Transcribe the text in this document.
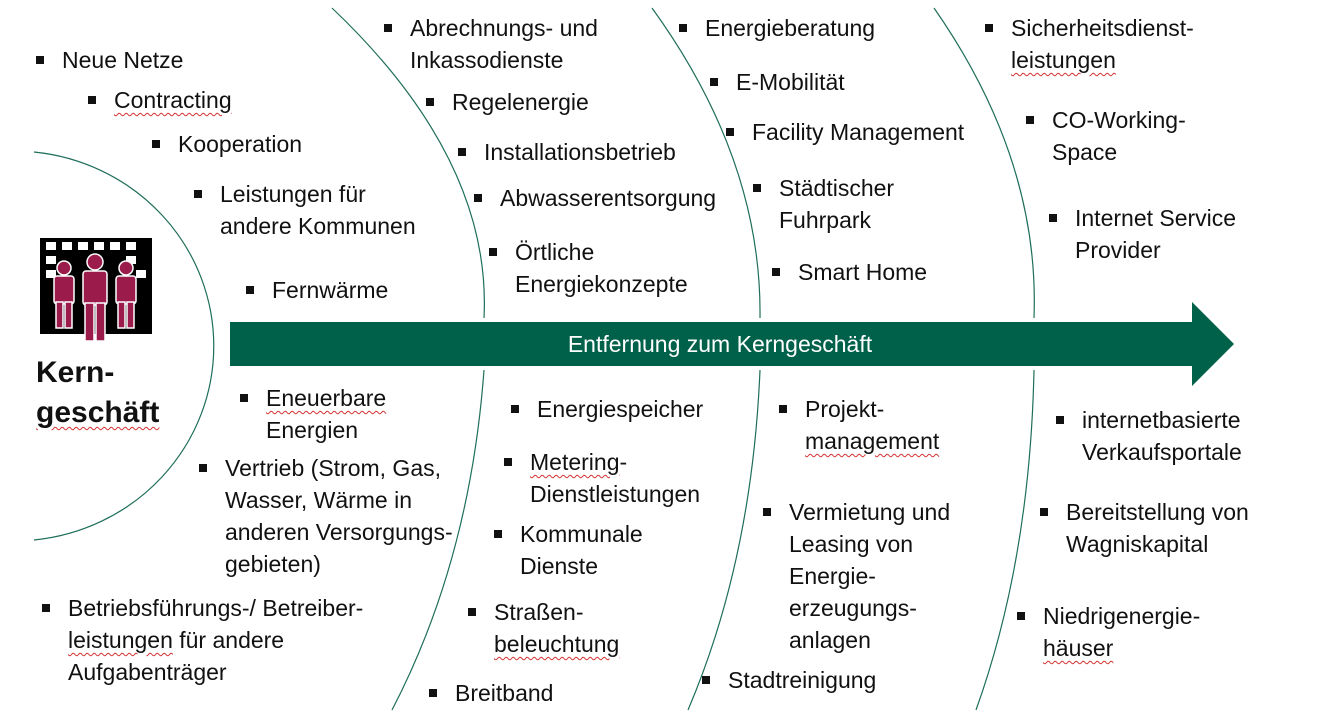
Entfernung zum Kerngeschäft
Kern-
geschäft
Neue Netze
Contracting
Kooperation
Leistungen für
andere Kommunen
Fernwärme
Abrechnungs- und
Inkassodienste
Regelenergie
Installationsbetrieb
Abwasserentsorgung
Örtliche
Energiekonzepte
Energieberatung
E-Mobilität
Facility Management
Städtischer
Fuhrpark
Smart Home
Sicherheitsdienst-
leistungen
CO-Working-
Space
Internet Service
Provider
Eneuerbare
Energien
Vertrieb (Strom, Gas,
Wasser, Wärme in
anderen Versorgungs-
gebieten)
Betriebsführungs-/ Betreiber-
leistungen für andere
Aufgabenträger
Energiespeicher
Metering-
Dienstleistungen
Kommunale
Dienste
Straßen-
beleuchtung
Breitband
Projekt-
management
Vermietung und
Leasing von
Energie-
erzeugungs-
anlagen
Stadtreinigung
internetbasierte
Verkaufsportale
Bereitstellung von
Wagniskapital
Niedrigenergie-
häuser
